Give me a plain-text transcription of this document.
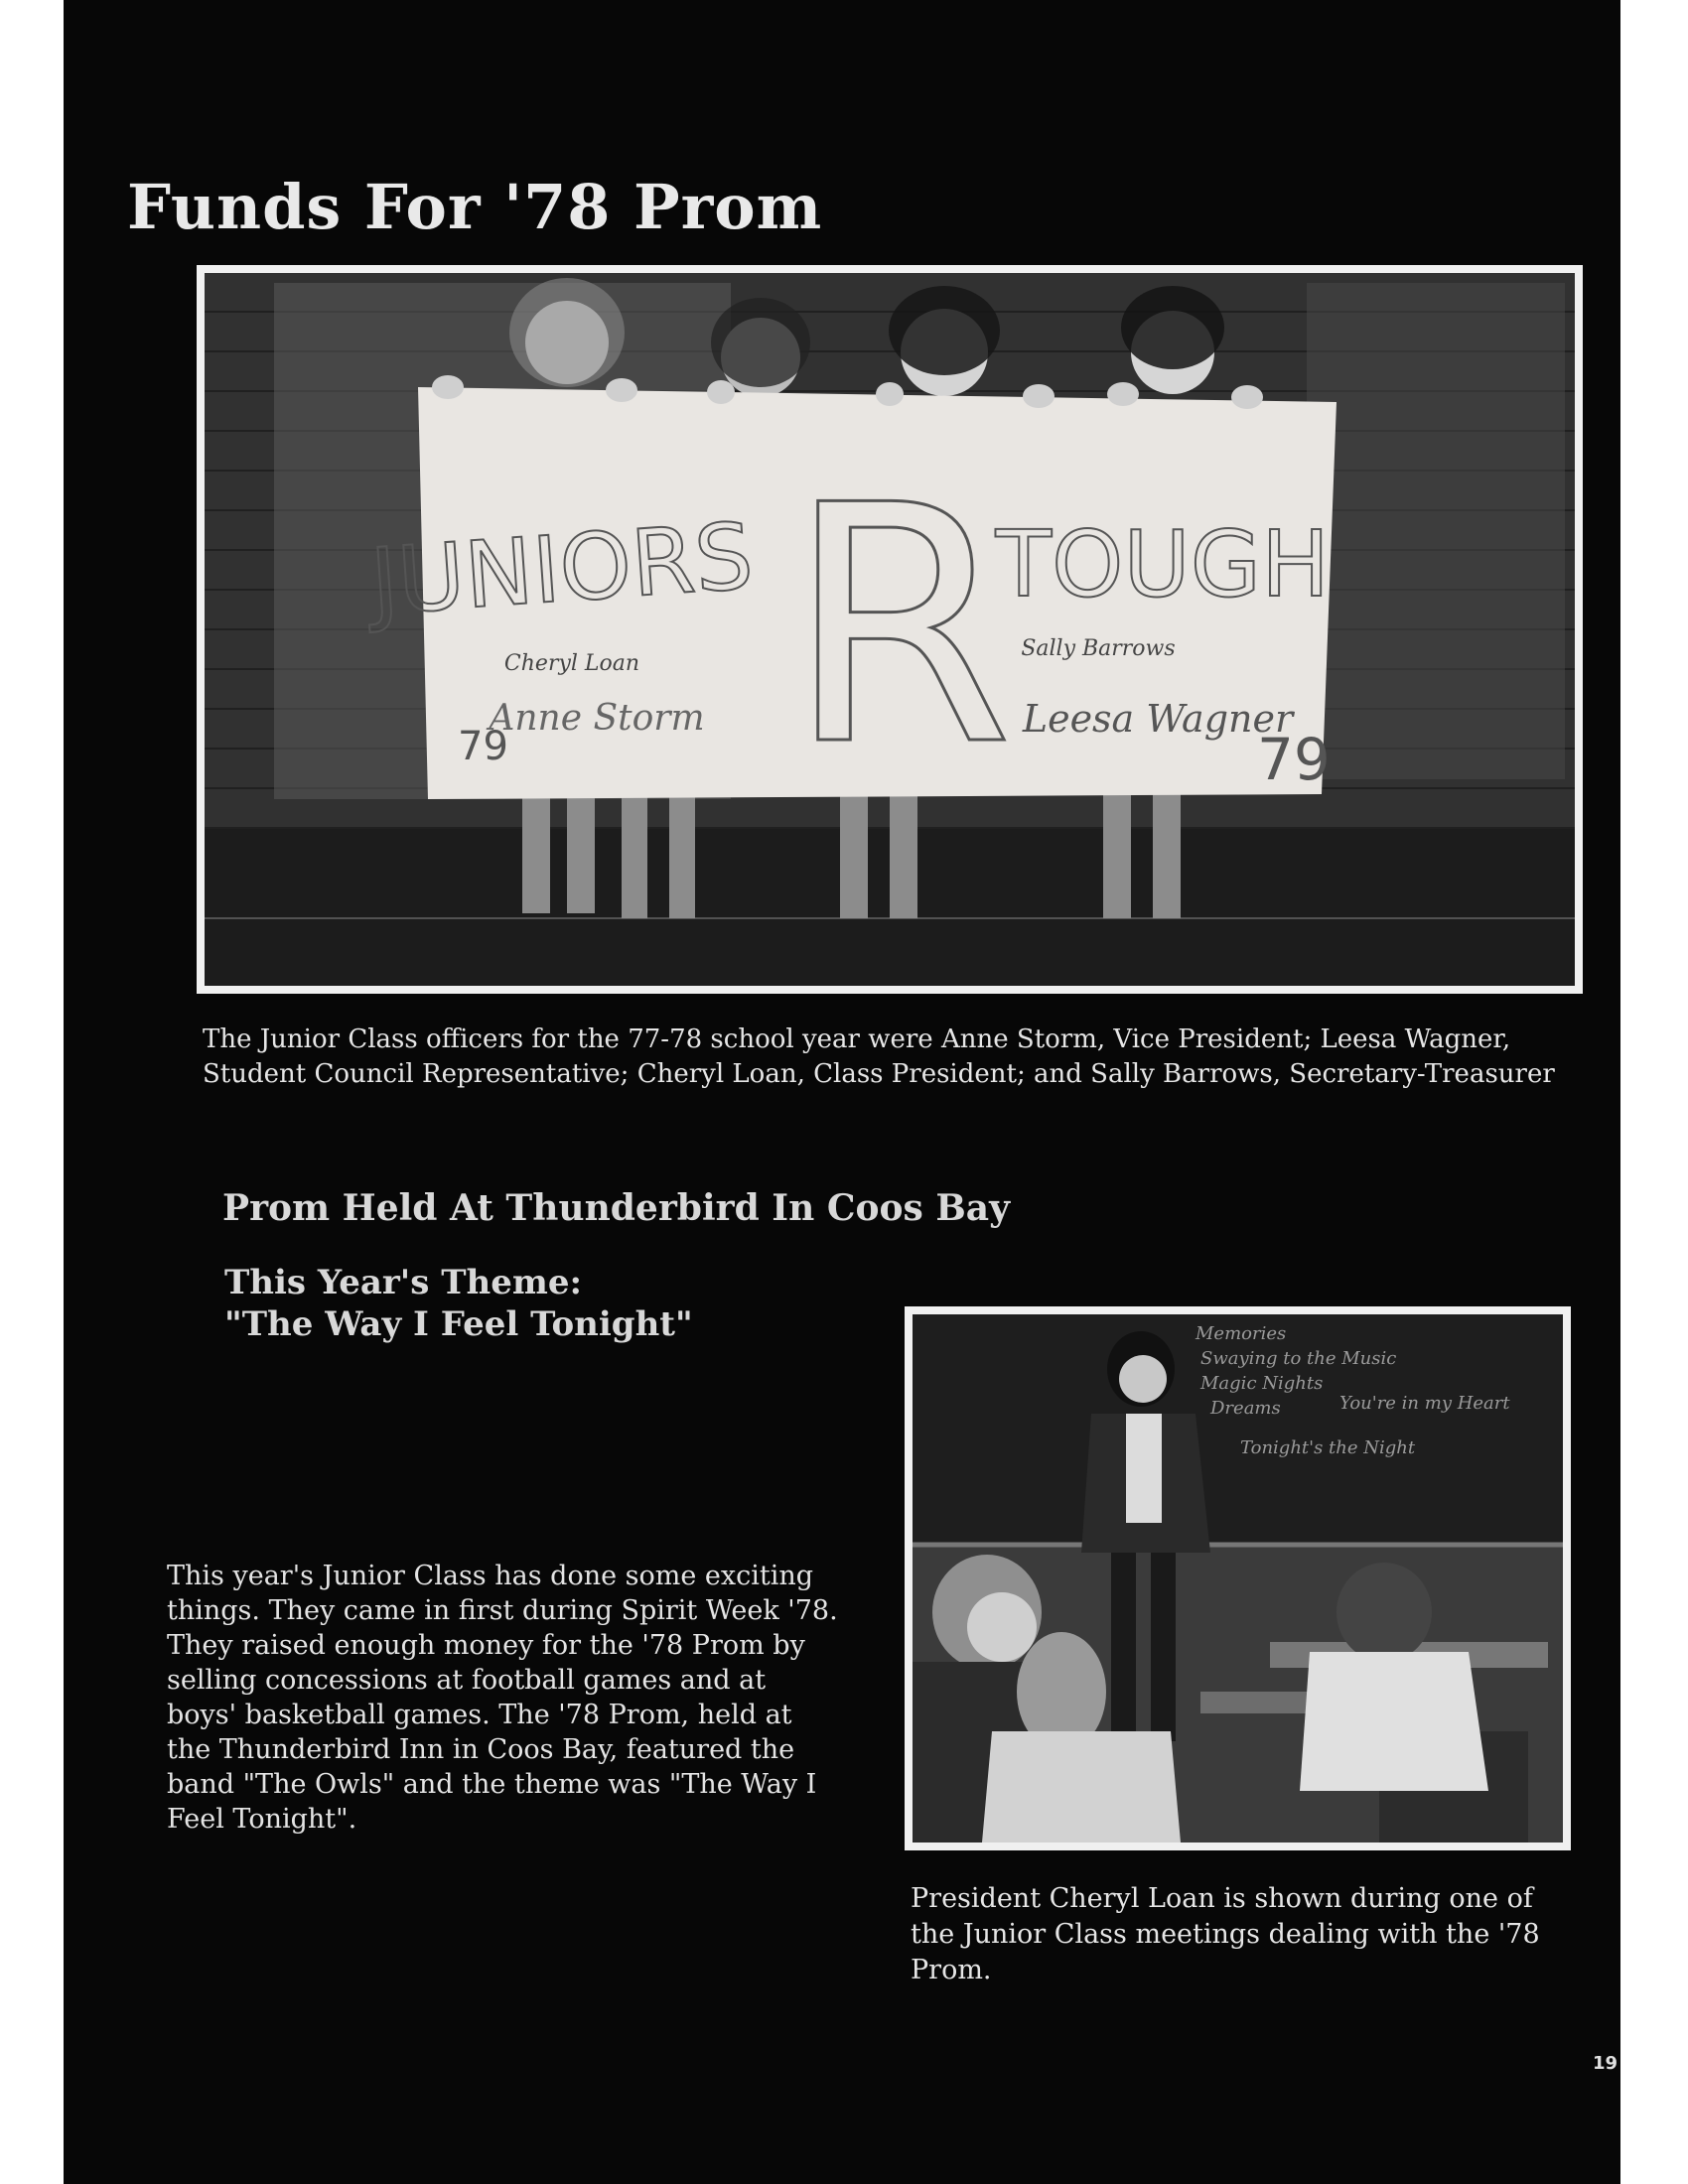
Funds For '78 Prom
JUNIORS R
TOUGH
Cheryl Loan
Anne Storm
Sally Barrows
Leesa Wagner
79	79

The Junior Class officers for the 77-78 school year were Anne Storm, Vice President; Leesa Wagner, Student Council Representative; Cheryl Loan, Class President; and Sally Barrows, Secretary-Treasurer

Prom Held At Thunderbird In Coos Bay
This Year's Theme:
"The Way I Feel Tonight"

This year's Junior Class has done some exciting things. They came in first during Spirit Week '78. They raised enough money for the '78 Prom by selling concessions at football games and at boys' basketball games. The '78 Prom, held at the Thunderbird Inn in Coos Bay, featured the band "The Owls" and the theme was "The Way I Feel Tonight".

Memories
Swaying to the Music
Magic Nights
Dreams	You're in my Heart
Tonight's the Night

President Cheryl Loan is shown during one of the Junior Class meetings dealing with the '78 Prom.

19
